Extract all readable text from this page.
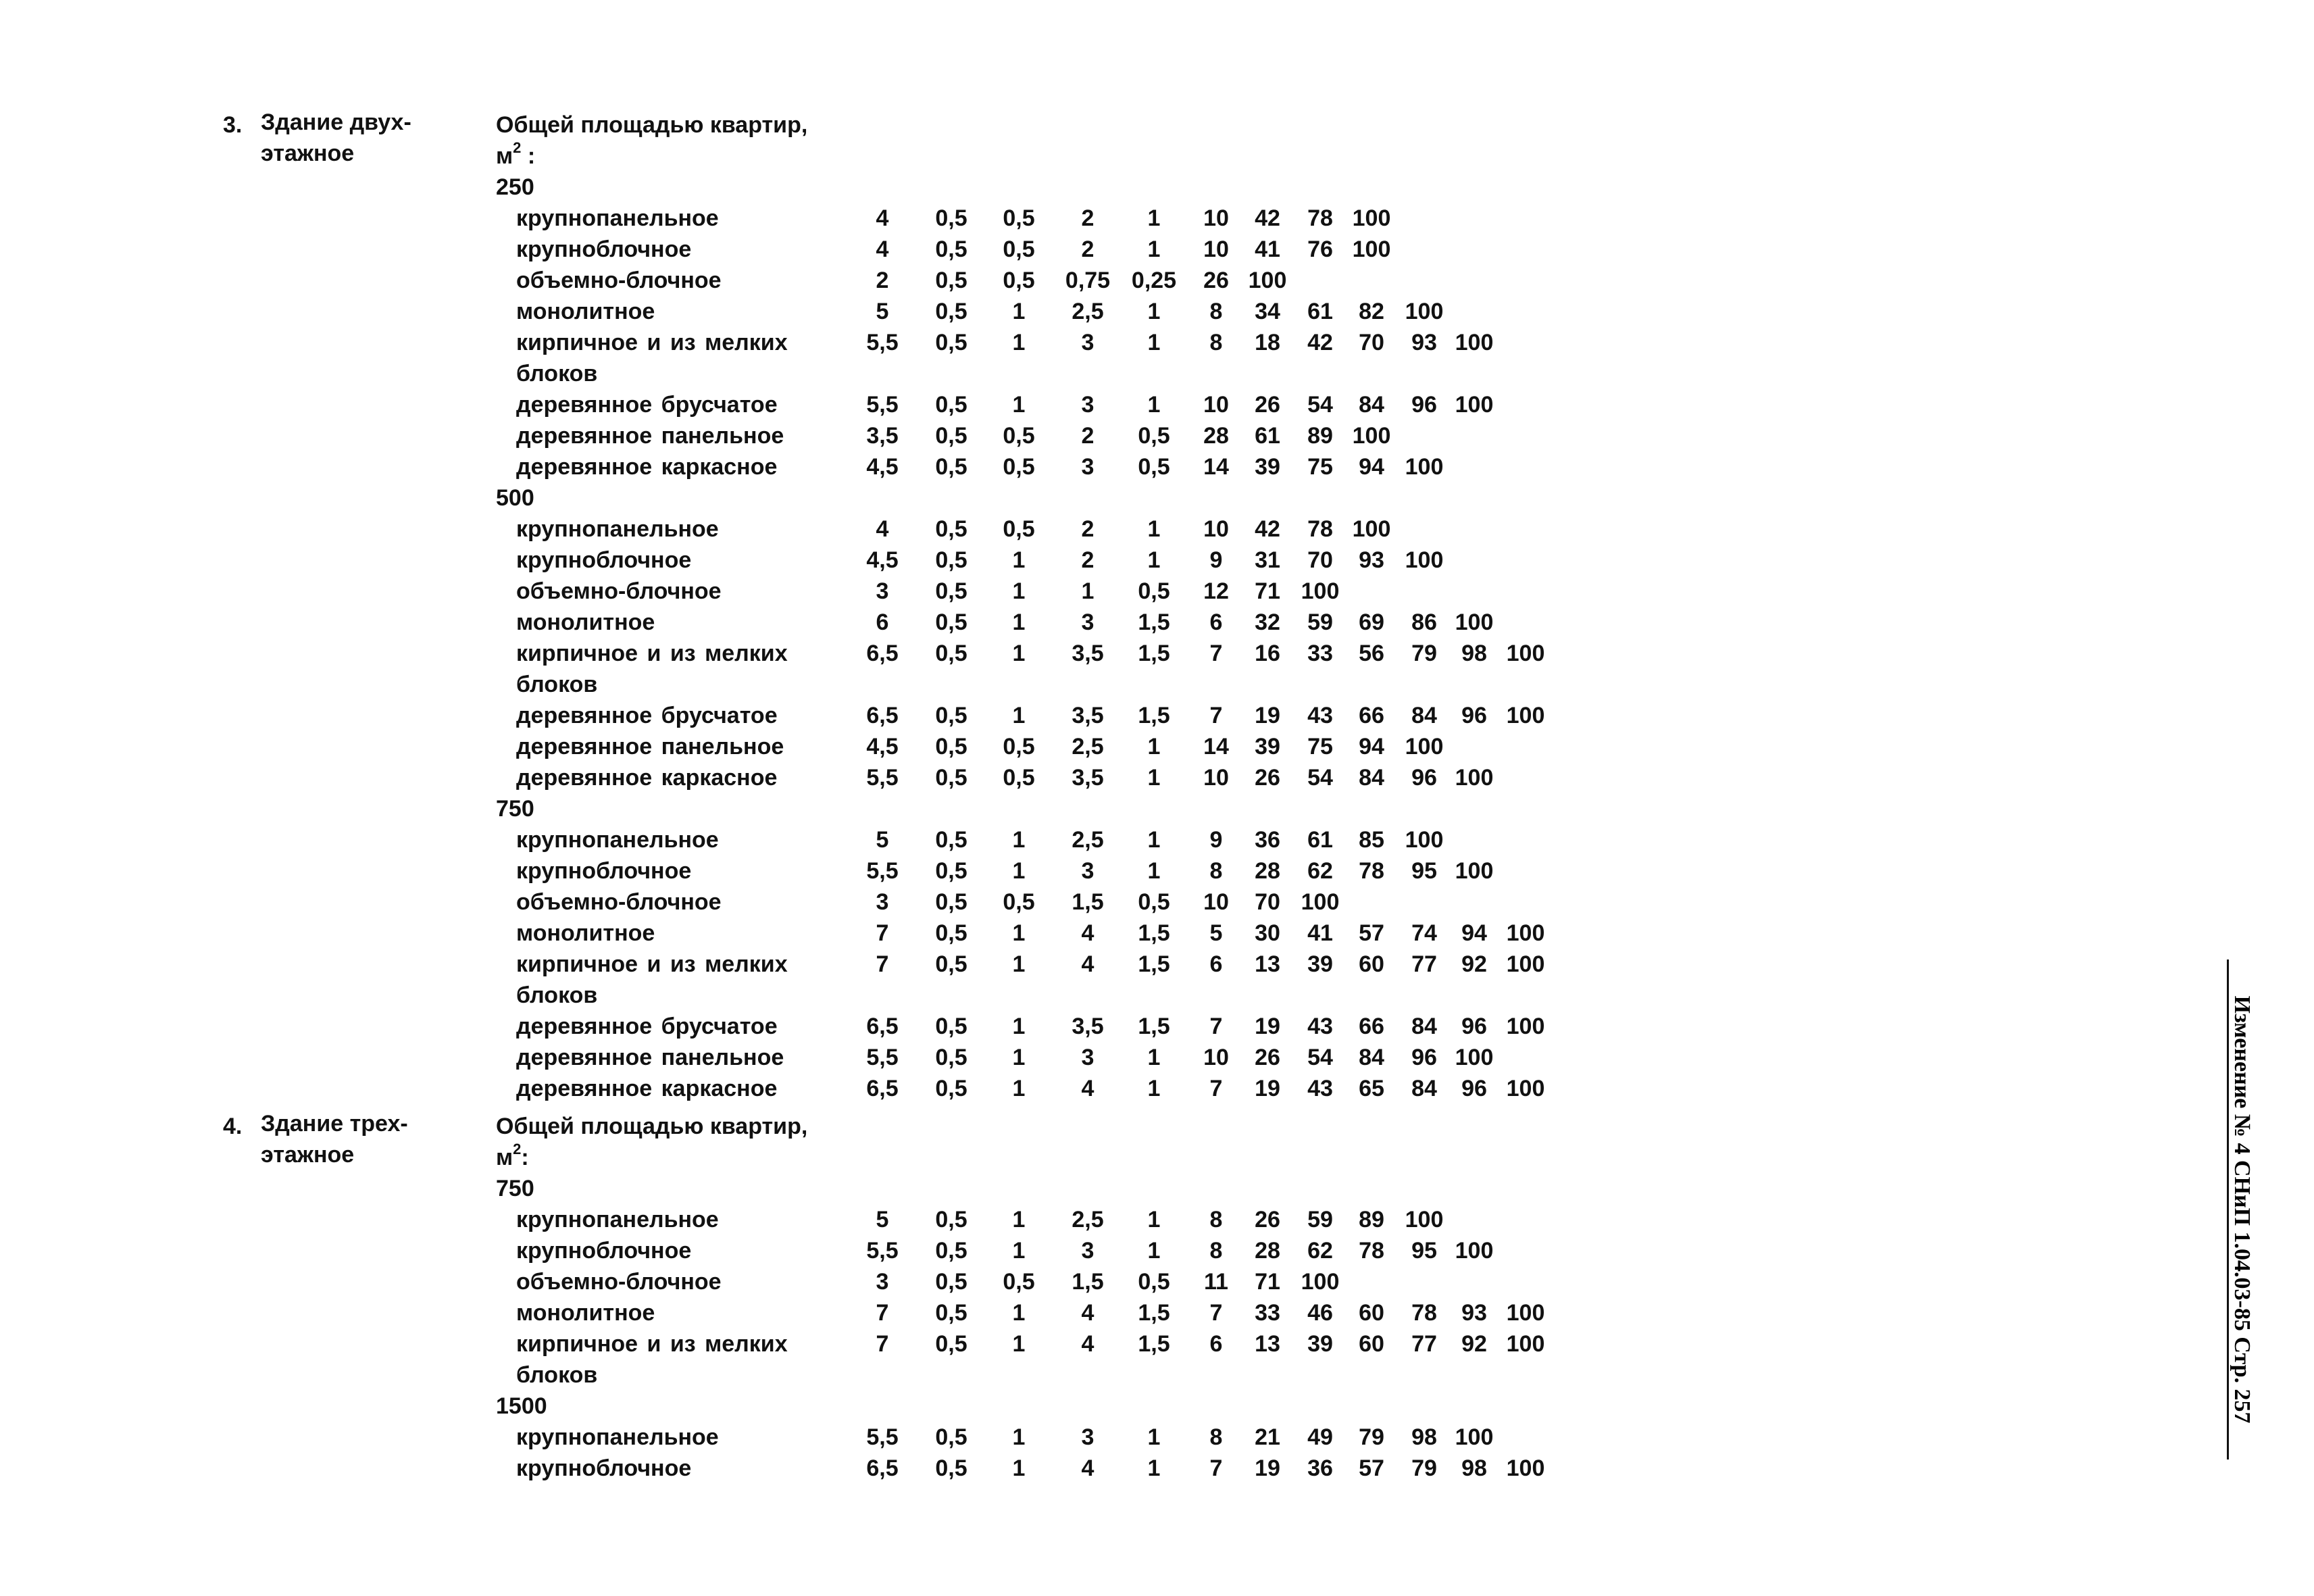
3. Здание двух-
этажное
Общей площадью квартир,
$м^2$ :
250
крупнопанельное	4 0,5 0,5 2 1 10 42 78 100
крупноблочное	4 0,5 0,5 2 1 10 41 76 100
объемно-блочное	2 0,5 0,5 0,75 0,25 26 100
монолитное	5 0,5 1 2,5 1 8 34 61 82 100
кирпичное и из мелких	5,5 0,5 1 3 1 8 18 42 70 93 100
блоков
деревянное брусчатое	5,5 0,5 1 3 1 10 26 54 84 96 100
деревянное панельное	3,5 0,5 0,5 2 0,5 28 61 89 100
деревянное каркасное	4,5 0,5 0,5 3 0,5 14 39 75 94 100
500
крупнопанельное	4 0,5 0,5 2 1 10 42 78 100
крупноблочное	4,5 0,5 1 2 1 9 31 70 93 100
объемно-блочное	3 0,5 1 1 0,5 12 71 100
монолитное	6 0,5 1 3 1,5 6 32 59 69 86 100
кирпичное и из мелких	6,5 0,5 1 3,5 1,5 7 16 33 56 79 98 100
блоков
деревянное брусчатое	6,5 0,5 1 3,5 1,5 7 19 43 66 84 96 100
деревянное панельное	4,5 0,5 0,5 2,5 1 14 39 75 94 100
деревянное каркасное	5,5 0,5 0,5 3,5 1 10 26 54 84 96 100
750
крупнопанельное	5 0,5 1 2,5 1 9 36 61 85 100
крупноблочное	5,5 0,5 1 3 1 8 28 62 78 95 100
объемно-блочное	3 0,5 0,5 1,5 0,5 10 70 100
монолитное	7 0,5 1 4 1,5 5 30 41 57 74 94 100
кирпичное и из мелких	7 0,5 1 4 1,5 6 13 39 60 77 92 100
блоков
деревянное брусчатое	6,5 0,5 1 3,5 1,5 7 19 43 66 84 96 100
деревянное панельное	5,5 0,5 1 3 1 10 26 54 84 96 100
деревянное каркасное	6,5 0,5 1 4 1 7 19 43 65 84 96 100
4. Здание трех-
этажное
Общей площадью квартир,
$м^2$:
750
крупнопанельное	5 0,5 1 2,5 1 8 26 59 89 100
крупноблочное	5,5 0,5 1 3 1 8 28 62 78 95 100
объемно-блочное	3 0,5 0,5 1,5 0,5 11 71 100
монолитное	7 0,5 1 4 1,5 7 33 46 60 78 93 100
кирпичное и из мелких	7 0,5 1 4 1,5 6 13 39 60 77 92 100
блоков
1500
крупнопанельное	5,5 0,5 1 3 1 8 21 49 79 98 100
крупноблочное	6,5 0,5 1 4 1 7 19 36 57 79 98 100
Изменение № 4 СНиП 1.04.03-85 Стр. 257
